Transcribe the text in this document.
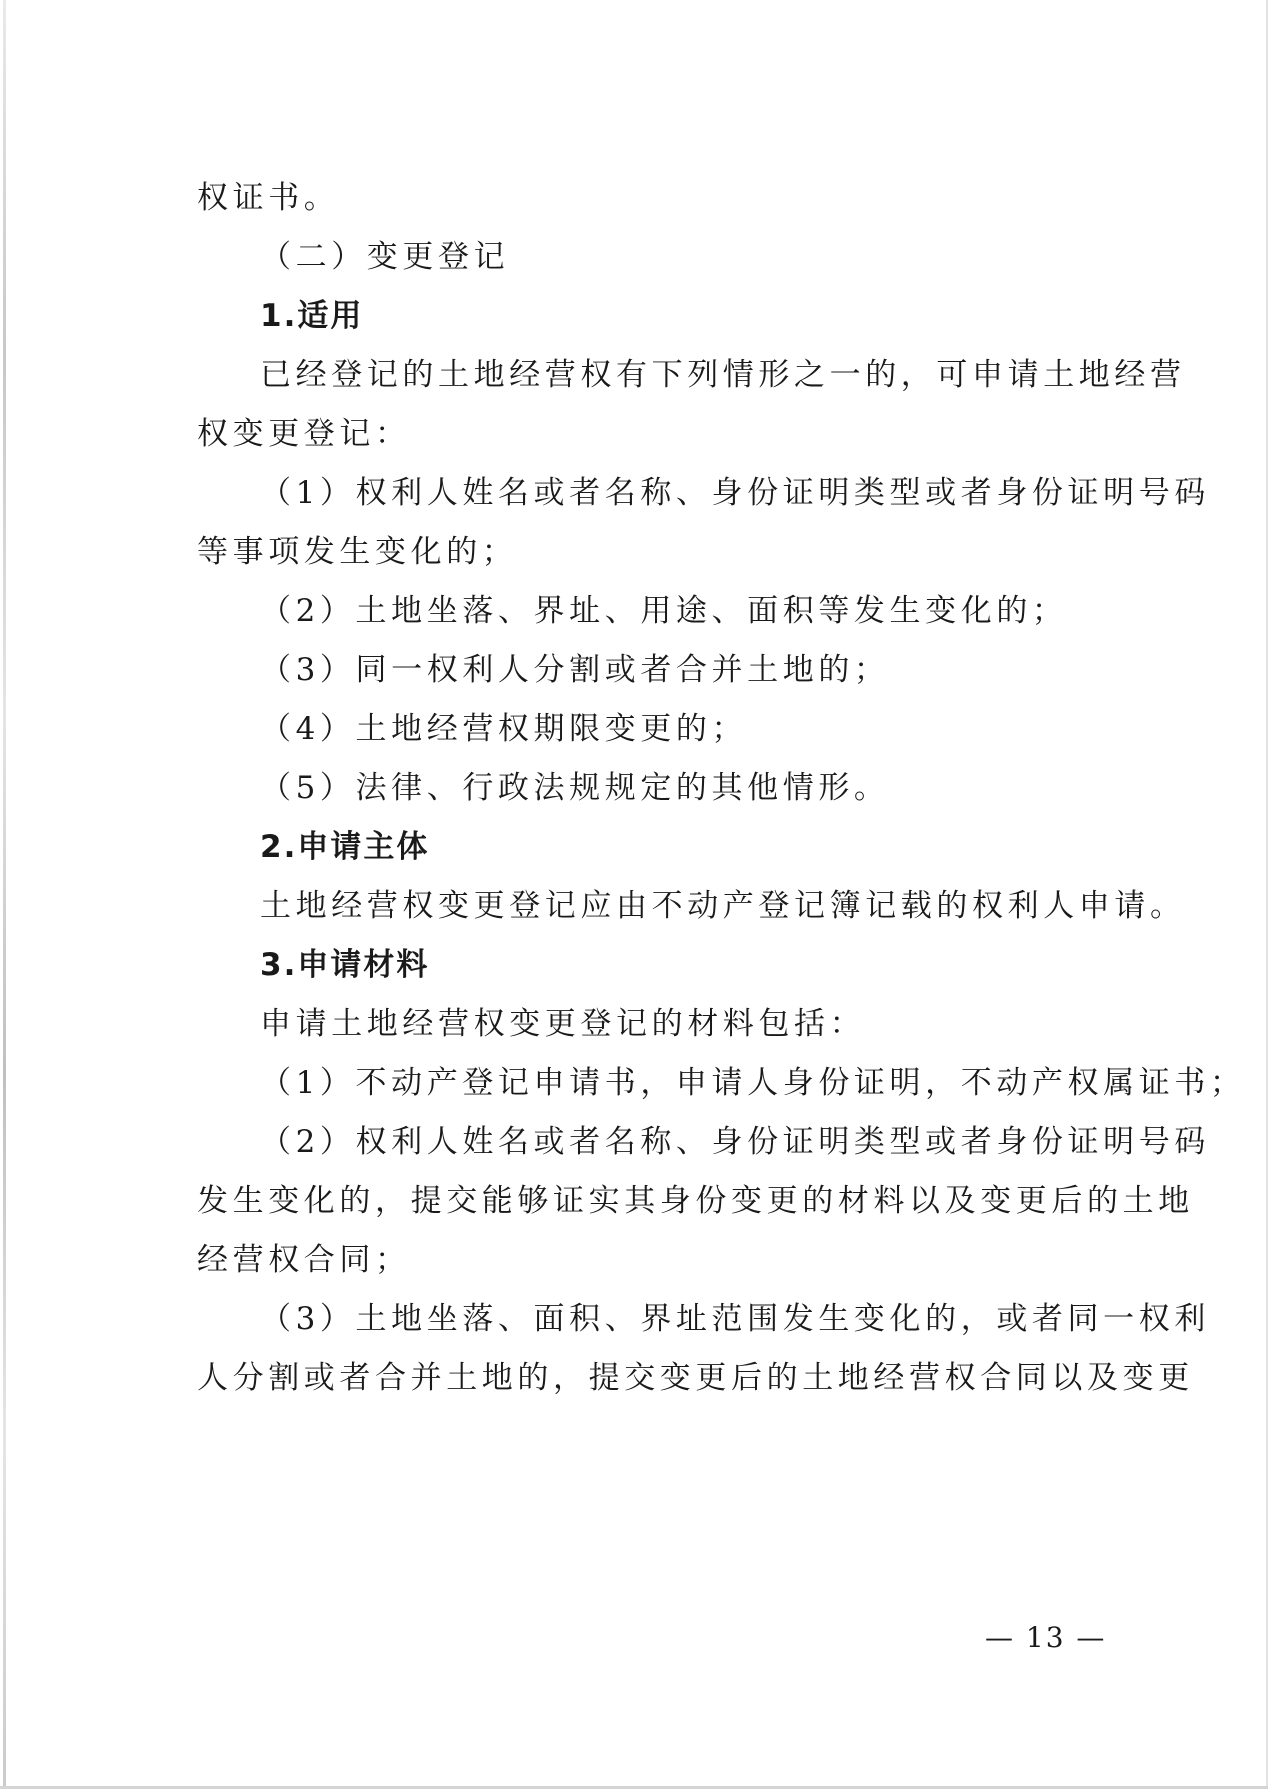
权证书。
（二）变更登记
1.适用
已经登记的土地经营权有下列情形之一的，可申请土地经营
权变更登记：
（1）权利人姓名或者名称、身份证明类型或者身份证明号码
等事项发生变化的；
（2）土地坐落、界址、用途、面积等发生变化的；
（3）同一权利人分割或者合并土地的；
（4）土地经营权期限变更的；
（5）法律、行政法规规定的其他情形。
2.申请主体
土地经营权变更登记应由不动产登记簿记载的权利人申请。
3.申请材料
申请土地经营权变更登记的材料包括：
（1）不动产登记申请书，申请人身份证明，不动产权属证书；
（2）权利人姓名或者名称、身份证明类型或者身份证明号码
发生变化的，提交能够证实其身份变更的材料以及变更后的土地
经营权合同；
（3）土地坐落、面积、界址范围发生变化的，或者同一权利
人分割或者合并土地的，提交变更后的土地经营权合同以及变更
— 13 —
